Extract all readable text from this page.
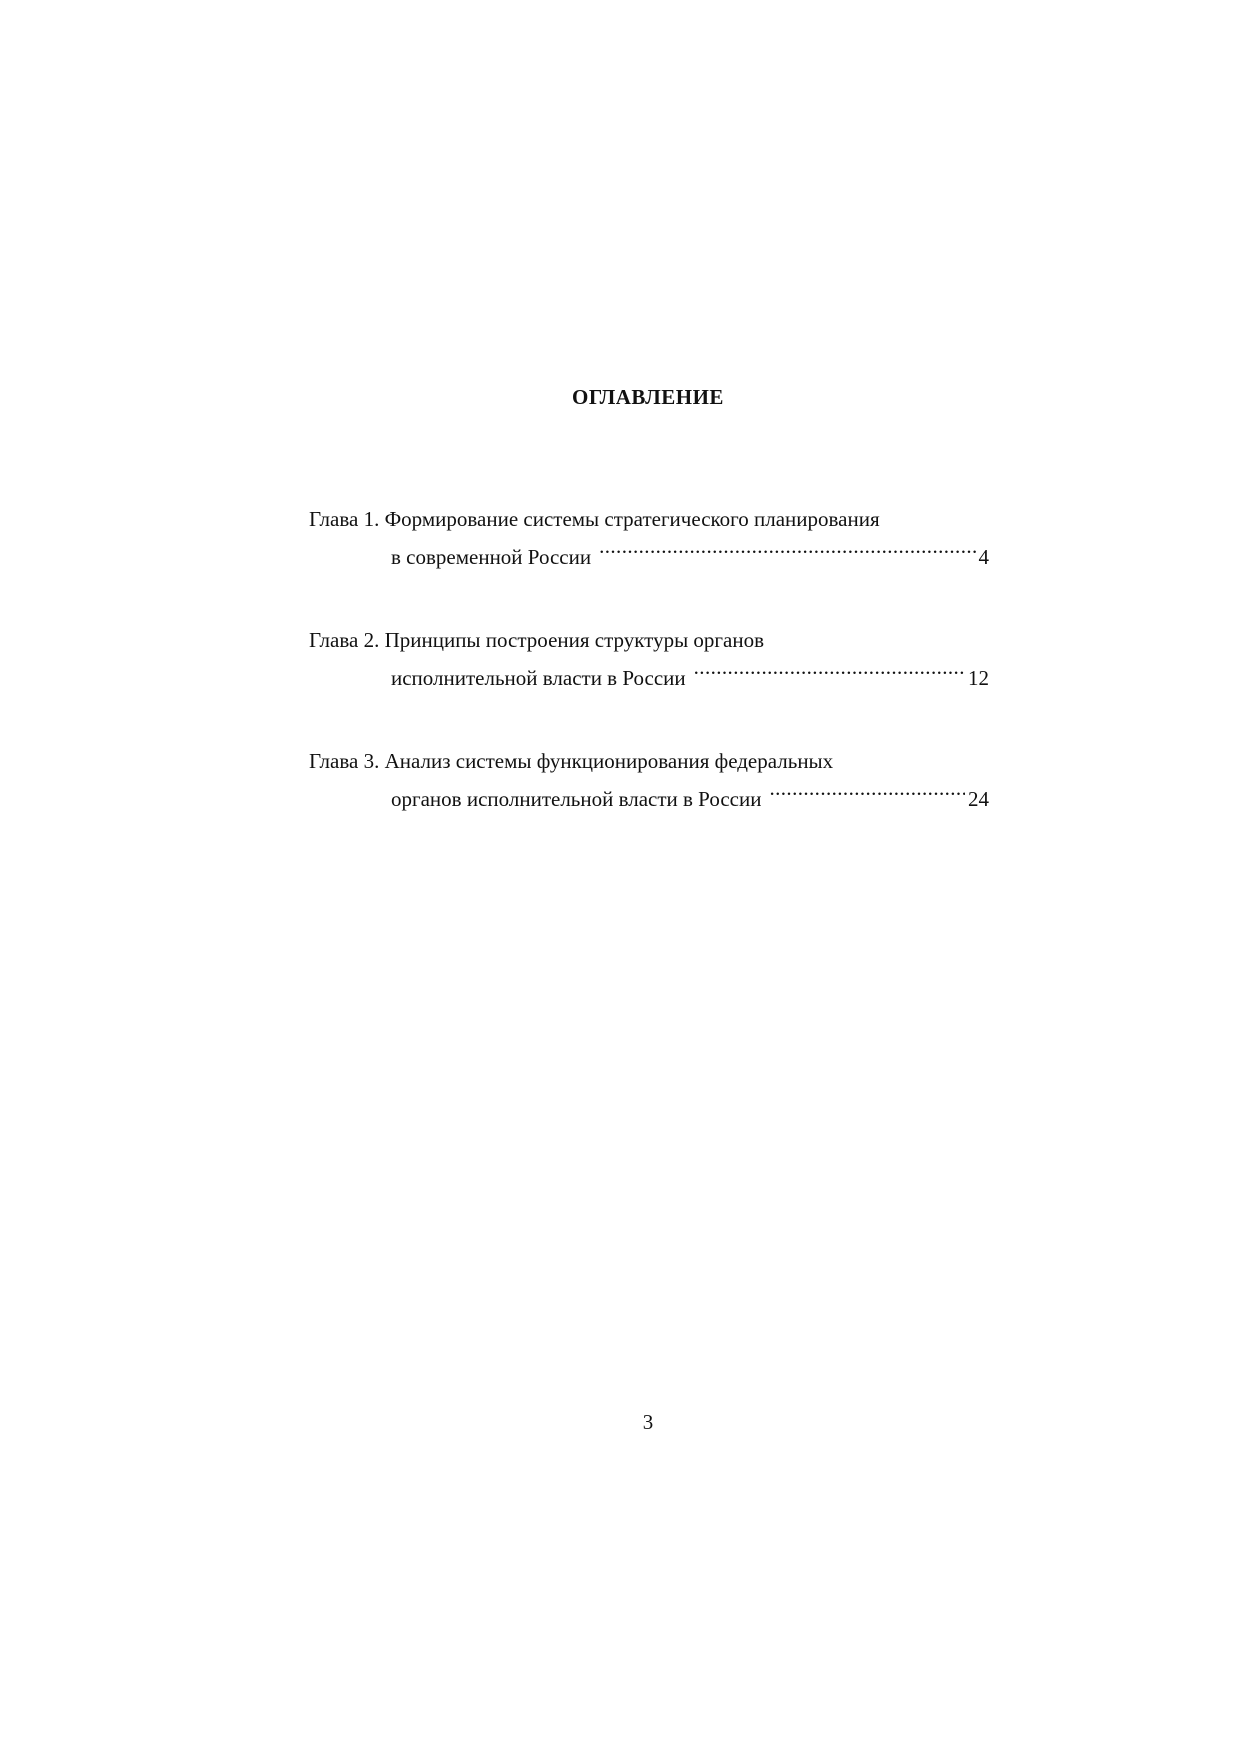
ОГЛАВЛЕНИЕ
Глава 1. Формирование системы стратегического планирования
в современной России .....	4
Глава 2. Принципы построения структуры органов
исполнительной власти в России .....	12
Глава 3. Анализ системы функционирования федеральных
органов исполнительной власти в России .....	24
3
